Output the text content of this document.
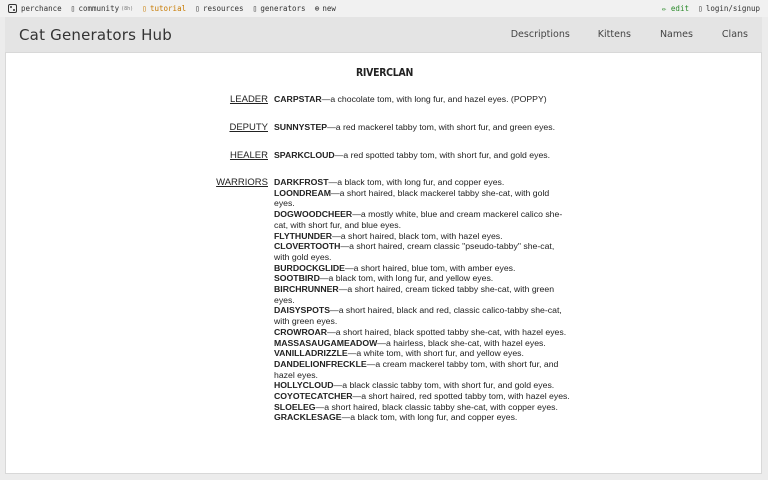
perchance ▯ community (8h) ▯ tutorial ▯ resources ▯ generators ⊕ new	✏ edit ▯ login/signup
Cat Generators Hub	Descriptions	Kittens	Names	Clans
RIVERCLAN
LEADER CARPSTAR—a chocolate tom, with long fur, and hazel eyes. (POPPY)
DEPUTY SUNNYSTEP—a red mackerel tabby tom, with short fur, and green eyes.
HEALER SPARKCLOUD—a red spotted tabby tom, with short fur, and gold eyes.
WARRIORS DARKFROST—a black tom, with long fur, and copper eyes.
LOONDREAM—a short haired, black mackerel tabby she-cat, with gold eyes.
DOGWOODCHEER—a mostly white, blue and cream mackerel calico she-cat, with short fur, and blue eyes.
FLYTHUNDER—a short haired, black tom, with hazel eyes.
CLOVERTOOTH—a short haired, cream classic "pseudo-tabby" she-cat, with gold eyes.
BURDOCKGLIDE—a short haired, blue tom, with amber eyes.
SOOTBIRD—a black tom, with long fur, and yellow eyes.
BIRCHRUNNER—a short haired, cream ticked tabby she-cat, with green eyes.
DAISYSPOTS—a short haired, black and red, classic calico-tabby she-cat, with green eyes.
CROWROAR—a short haired, black spotted tabby she-cat, with hazel eyes.
MASSASAUGAMEADOW—a hairless, black she-cat, with hazel eyes.
VANILLADRIZZLE—a white tom, with short fur, and yellow eyes.
DANDELIONFRECKLE—a cream mackerel tabby tom, with short fur, and hazel eyes.
HOLLYCLOUD—a black classic tabby tom, with short fur, and gold eyes.
COYOTECATCHER—a short haired, red spotted tabby tom, with hazel eyes.
SLOELEG—a short haired, black classic tabby she-cat, with copper eyes.
GRACKLESAGE—a black tom, with long fur, and copper eyes.
